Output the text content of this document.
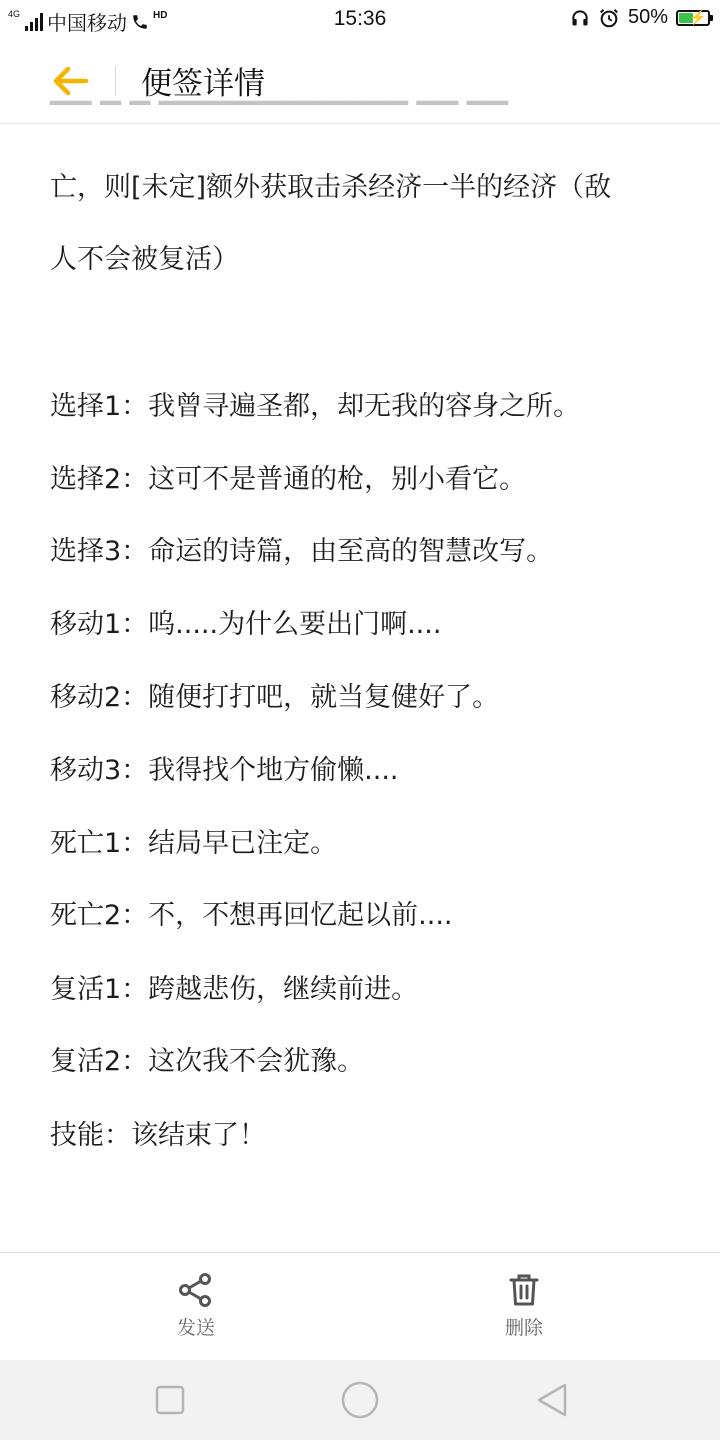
4G 中国移动	HD	15:36	50% ⚡
便签详情
▔▔ ▔ ▔ ▔▔▔▔▔▔▔▔▔▔▔▔ ▔▔ ▔▔
亡，则[未定]额外获取击杀经济一半的经济（敌
人不会被复活）
选择1：我曾寻遍圣都，却无我的容身之所。
选择2：这可不是普通的枪，别小看它。
选择3：命运的诗篇，由至高的智慧改写。
移动1：呜.....为什么要出门啊....
移动2：随便打打吧，就当复健好了。
移动3：我得找个地方偷懒....
死亡1：结局早已注定。
死亡2：不，不想再回忆起以前....
复活1：跨越悲伤，继续前进。
复活2：这次我不会犹豫。
技能：该结束了！
发送	删除
